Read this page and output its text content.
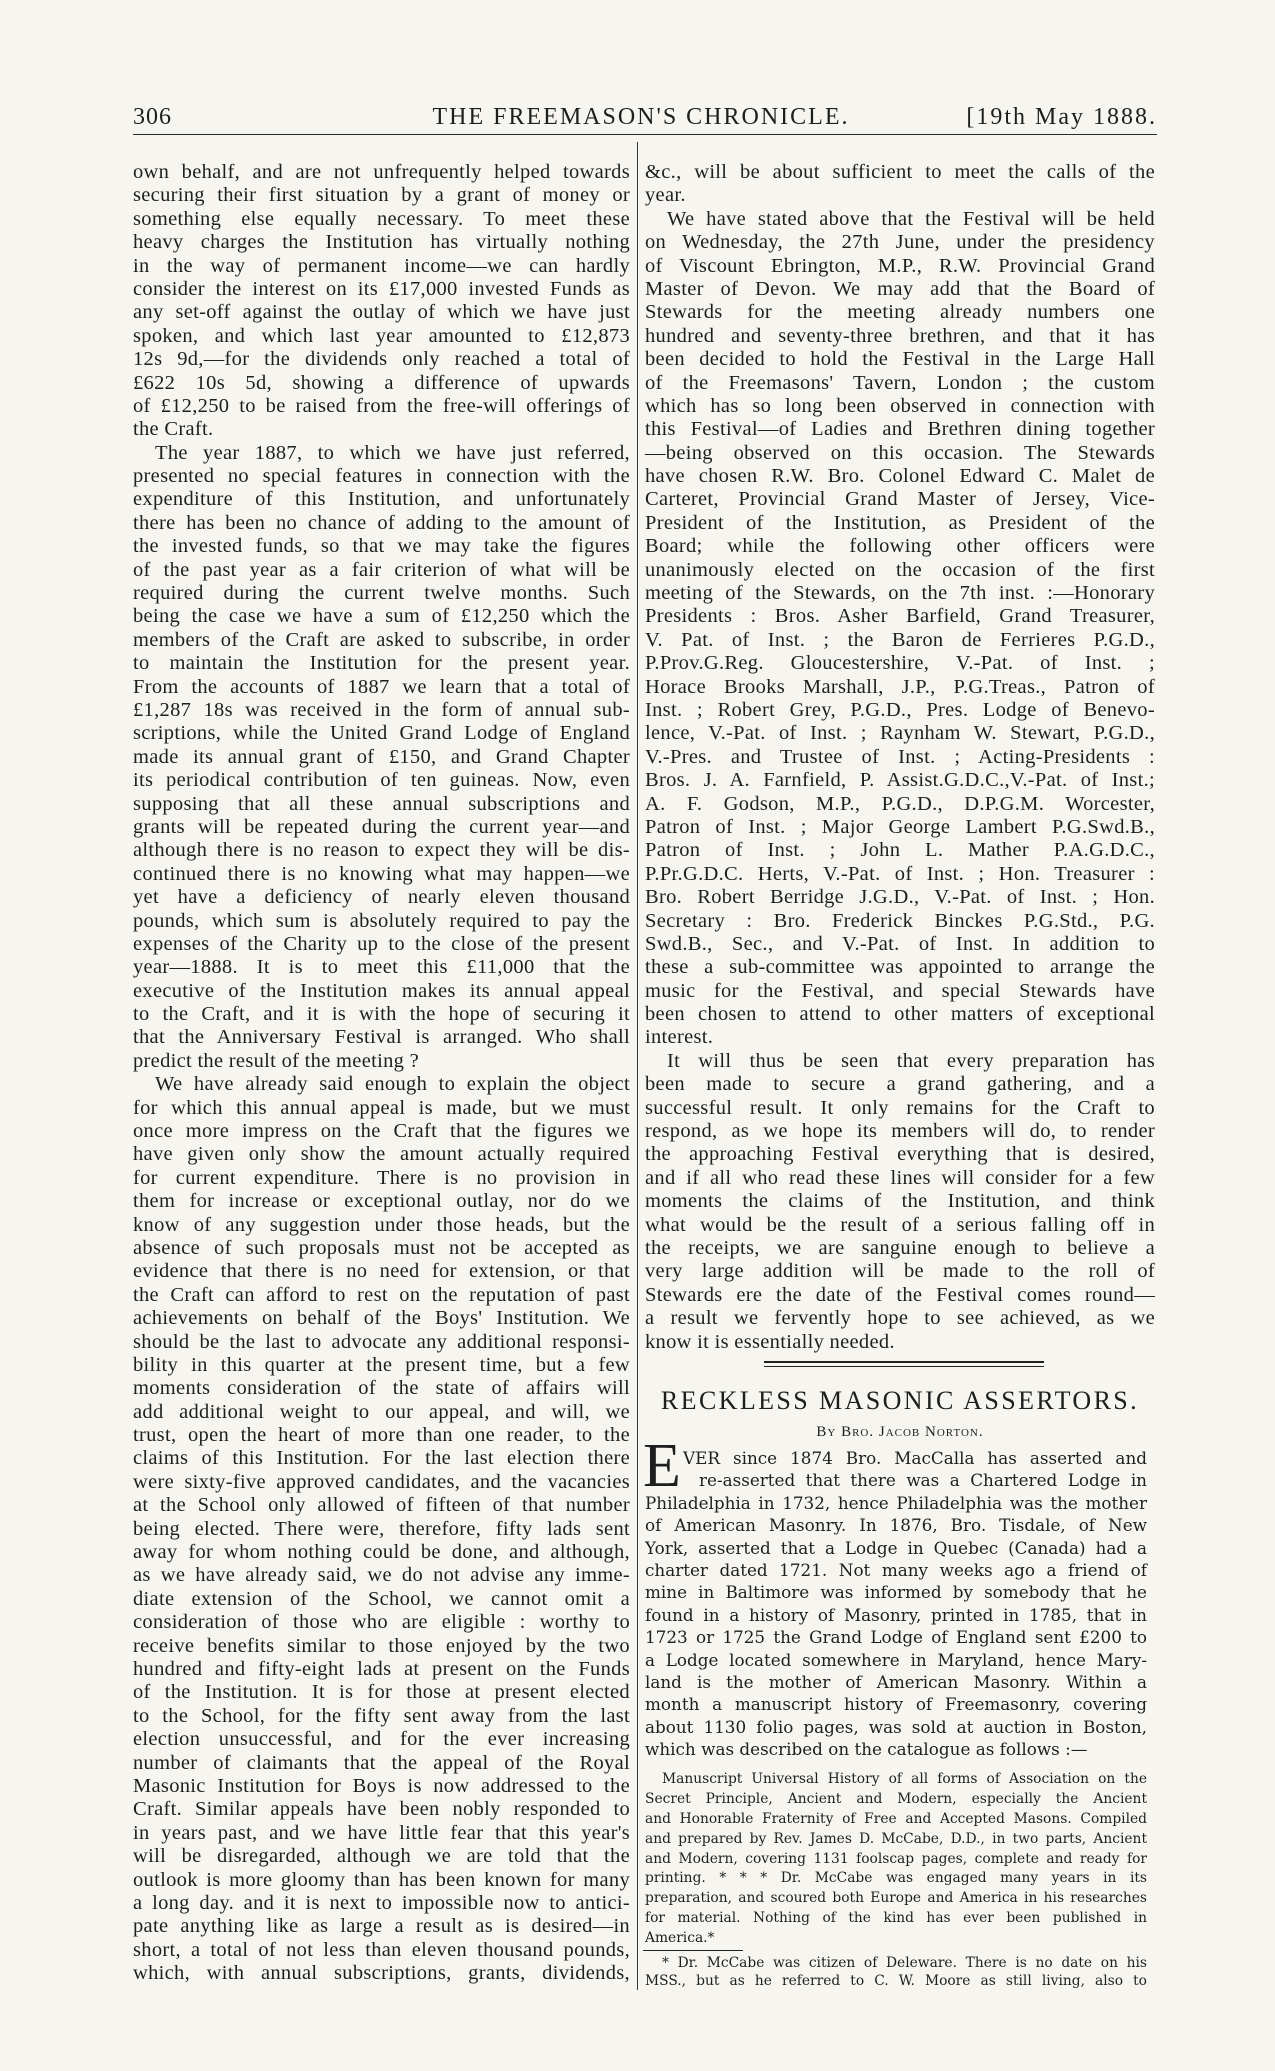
306	THE FREEMASON'S CHRONICLE.	[19th May 1888.
own behalf, and are not unfrequently helped towards
securing their first situation by a grant of money or
something else equally necessary. To meet these
heavy charges the Institution has virtually nothing
in the way of permanent income—we can hardly
consider the interest on its £17,000 invested Funds as
any set-off against the outlay of which we have just
spoken, and which last year amounted to £12,873
12s 9d,—for the dividends only reached a total of
£622 10s 5d, showing a difference of upwards
of £12,250 to be raised from the free-will offerings of
the Craft.
The year 1887, to which we have just referred,
presented no special features in connection with the
expenditure of this Institution, and unfortunately
there has been no chance of adding to the amount of
the invested funds, so that we may take the figures
of the past year as a fair criterion of what will be
required during the current twelve months. Such
being the case we have a sum of £12,250 which the
members of the Craft are asked to subscribe, in order
to maintain the Institution for the present year.
From the accounts of 1887 we learn that a total of
£1,287 18s was received in the form of annual sub-
scriptions, while the United Grand Lodge of England
made its annual grant of £150, and Grand Chapter
its periodical contribution of ten guineas. Now, even
supposing that all these annual subscriptions and
grants will be repeated during the current year—and
although there is no reason to expect they will be dis-
continued there is no knowing what may happen—we
yet have a deficiency of nearly eleven thousand
pounds, which sum is absolutely required to pay the
expenses of the Charity up to the close of the present
year—1888. It is to meet this £11,000 that the
executive of the Institution makes its annual appeal
to the Craft, and it is with the hope of securing it
that the Anniversary Festival is arranged. Who shall
predict the result of the meeting ?
We have already said enough to explain the object
for which this annual appeal is made, but we must
once more impress on the Craft that the figures we
have given only show the amount actually required
for current expenditure. There is no provision in
them for increase or exceptional outlay, nor do we
know of any suggestion under those heads, but the
absence of such proposals must not be accepted as
evidence that there is no need for extension, or that
the Craft can afford to rest on the reputation of past
achievements on behalf of the Boys' Institution. We
should be the last to advocate any additional responsi-
bility in this quarter at the present time, but a few
moments consideration of the state of affairs will
add additional weight to our appeal, and will, we
trust, open the heart of more than one reader, to the
claims of this Institution. For the last election there
were sixty-five approved candidates, and the vacancies
at the School only allowed of fifteen of that number
being elected. There were, therefore, fifty lads sent
away for whom nothing could be done, and although,
as we have already said, we do not advise any imme-
diate extension of the School, we cannot omit a
consideration of those who are eligible : worthy to
receive benefits similar to those enjoyed by the two
hundred and fifty-eight lads at present on the Funds
of the Institution. It is for those at present elected
to the School, for the fifty sent away from the last
election unsuccessful, and for the ever increasing
number of claimants that the appeal of the Royal
Masonic Institution for Boys is now addressed to the
Craft. Similar appeals have been nobly responded to
in years past, and we have little fear that this year's
will be disregarded, although we are told that the
outlook is more gloomy than has been known for many
a long day. and it is next to impossible now to antici-
pate anything like as large a result as is desired—in
short, a total of not less than eleven thousand pounds,
which, with annual subscriptions, grants, dividends,
&c., will be about sufficient to meet the calls of the
year.
We have stated above that the Festival will be held
on Wednesday, the 27th June, under the presidency
of Viscount Ebrington, M.P., R.W. Provincial Grand
Master of Devon. We may add that the Board of
Stewards for the meeting already numbers one
hundred and seventy-three brethren, and that it has
been decided to hold the Festival in the Large Hall
of the Freemasons' Tavern, London ; the custom
which has so long been observed in connection with
this Festival—of Ladies and Brethren dining together
—being observed on this occasion. The Stewards
have chosen R.W. Bro. Colonel Edward C. Malet de
Carteret, Provincial Grand Master of Jersey, Vice-
President of the Institution, as President of the
Board; while the following other officers were
unanimously elected on the occasion of the first
meeting of the Stewards, on the 7th inst. :—Honorary
Presidents : Bros. Asher Barfield, Grand Treasurer,
V. Pat. of Inst. ; the Baron de Ferrieres P.G.D.,
P.Prov.G.Reg. Gloucestershire, V.-Pat. of Inst. ;
Horace Brooks Marshall, J.P., P.G.Treas., Patron of
Inst. ; Robert Grey, P.G.D., Pres. Lodge of Benevo-
lence, V.-Pat. of Inst. ; Raynham W. Stewart, P.G.D.,
V.-Pres. and Trustee of Inst. ; Acting-Presidents :
Bros. J. A. Farnfield, P. Assist.G.D.C.,V.-Pat. of Inst.;
A. F. Godson, M.P., P.G.D., D.P.G.M. Worcester,
Patron of Inst. ; Major George Lambert P.G.Swd.B.,
Patron of Inst. ; John L. Mather P.A.G.D.C.,
P.Pr.G.D.C. Herts, V.-Pat. of Inst. ; Hon. Treasurer :
Bro. Robert Berridge J.G.D., V.-Pat. of Inst. ; Hon.
Secretary : Bro. Frederick Binckes P.G.Std., P.G.
Swd.B., Sec., and V.-Pat. of Inst. In addition to
these a sub-committee was appointed to arrange the
music for the Festival, and special Stewards have
been chosen to attend to other matters of exceptional
interest.
It will thus be seen that every preparation has
been made to secure a grand gathering, and a
successful result. It only remains for the Craft to
respond, as we hope its members will do, to render
the approaching Festival everything that is desired,
and if all who read these lines will consider for a few
moments the claims of the Institution, and think
what would be the result of a serious falling off in
the receipts, we are sanguine enough to believe a
very large addition will be made to the roll of
Stewards ere the date of the Festival comes round—
a result we fervently hope to see achieved, as we
know it is essentially needed.
RECKLESS MASONIC ASSERTORS.
By Bro. Jacob Norton.
E VER since 1874 Bro. MacCalla has asserted and
re-asserted that there was a Chartered Lodge in
Philadelphia in 1732, hence Philadelphia was the mother
of American Masonry. In 1876, Bro. Tisdale, of New
York, asserted that a Lodge in Quebec (Canada) had a
charter dated 1721. Not many weeks ago a friend of
mine in Baltimore was informed by somebody that he
found in a history of Masonry, printed in 1785, that in
1723 or 1725 the Grand Lodge of England sent £200 to
a Lodge located somewhere in Maryland, hence Mary-
land is the mother of American Masonry. Within a
month a manuscript history of Freemasonry, covering
about 1130 folio pages, was sold at auction in Boston,
which was described on the catalogue as follows :—
Manuscript Universal History of all forms of Association on the
Secret Principle, Ancient and Modern, especially the Ancient
and Honorable Fraternity of Free and Accepted Masons. Compiled
and prepared by Rev. James D. McCabe, D.D., in two parts, Ancient
and Modern, covering 1131 foolscap pages, complete and ready for
printing. * * * Dr. McCabe was engaged many years in its
preparation, and scoured both Europe and America in his researches
for material. Nothing of the kind has ever been published in
America.*
* Dr. McCabe was citizen of Deleware. There is no date on his
MSS., but as he referred to C. W. Moore as still living, also to
